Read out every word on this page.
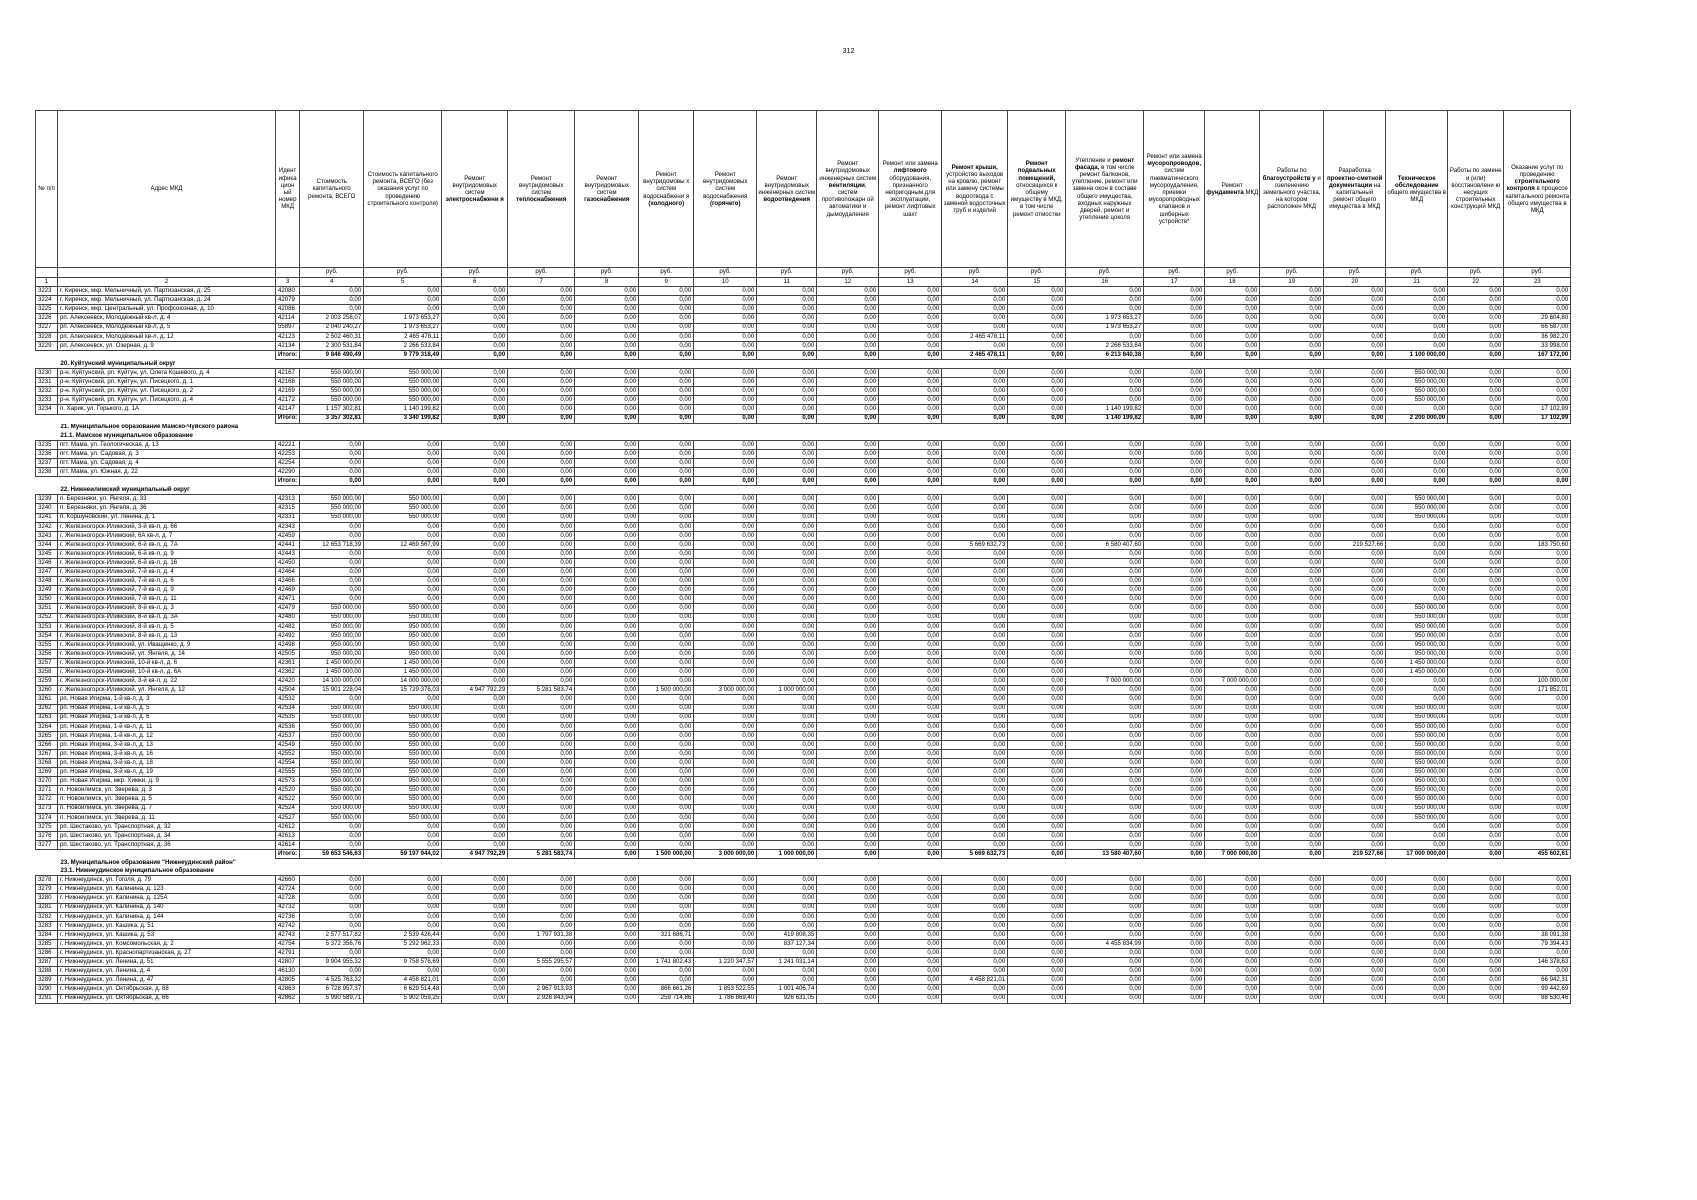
312
№ п/п	Адрес МКД	Идент ифика цион ый номер МКД	Стоимость капитального ремонта, ВСЕГО	Стоимость капитального ремонта, ВСЕГО (без оказания услуг по проведению строительного контроля)	Ремонт внутридомовых систем электроснабжени я	Ремонт внутридомовых систем теплоснабжения	Ремонт внутридомовых систем газоснабжения	Ремонт внутридомовы х систем водоснабжени я (холодного)	Ремонт внутридомовых систем водоснабжения (горячего)	Ремонт внутридомовых инженерных систем водоотведения	Ремонт внутридомовых инженерных систем вентиляции, систем противопожарн ой автоматики и дымоудаления	Ремонт или замена лифтового оборудования, признанного непригодным для эксплуатации, ремонт лифтовых шахт	Ремонт крыши, устройство выходов на кровлю, ремонт или замену системы водоотвода с заменой водосточных труб и изделий	Ремонт подвальных помещений, относящихся к общему имуществу в МКД, в том числе ремонт отмостки	Утепление и ремонт фасада, в том числе ремонт балконов, утепление, ремонт или замена окон в составе общего имущества, входных наружных дверей, ремонт и утепление цоколя	Ремонт или замена мусоропроводов, систем пневматического мусороудаления, приемки мусоропроводных клапанов и шиберных устройств*	Ремонт фундамента МКД	Работы по благоустройств у и озеленению земельного участка, на котором расположен МКД	Разработка проектно-сметной документации на капитальный ремонт общего имущества в МКД	Техническое обследование общего имущества в МКД	Работы по замене и (или) восстановлени ю несущих строительных конструкций МКД	Оказание услуг по проведению строительного контроля в процессе капитального ремонта общего имущества в МКД
			руб.	руб.	руб.	руб.	руб.	руб.	руб.	руб.	руб.	руб.	руб.	руб.	руб.	руб.	руб.	руб.	руб.	руб.	руб.	руб.
1	2	3	4	5	6	7	8	9	10	11	12	13	14	15	16	17	18	19	20	21	22	23
3223	г. Киренск, мкр. Мельничный, ул. Партизанская, д. 25	42080	0,00	0,00	0,00	0,00	0,00	0,00	0,00	0,00	0,00	0,00	0,00	0,00	0,00	0,00	0,00	0,00	0,00	0,00	0,00	0,00
3224	г. Киренск, мкр. Мельничный, ул. Партизанская, д. 24	42079	0,00	0,00	0,00	0,00	0,00	0,00	0,00	0,00	0,00	0,00	0,00	0,00	0,00	0,00	0,00	0,00	0,00	0,00	0,00	0,00
3225	г. Киренск, мкр. Центральный, ул. Профсоюзная, д. 10	42086	0,00	0,00	0,00	0,00	0,00	0,00	0,00	0,00	0,00	0,00	0,00	0,00	0,00	0,00	0,00	0,00	0,00	0,00	0,00	0,00
3226	рп. Алексеевск, Молодёжный кв-л, д. 4	42114	2 003 258,07	1 973 653,27	0,00	0,00	0,00	0,00	0,00	0,00	0,00	0,00	0,00	0,00	1 973 653,27	0,00	0,00	0,00	0,00	0,00	0,00	29 604,80
3227	рп. Алексеевск, Молодёжный кв-л, д. 5	55897	2 040 240,27	1 973 653,27	0,00	0,00	0,00	0,00	0,00	0,00	0,00	0,00	0,00	0,00	1 973 653,27	0,00	0,00	0,00	0,00	0,00	0,00	66 587,00
3228	рп. Алексеевск, Молодёжный кв-л, д. 12	42123	2 502 460,31	2 465 478,11	0,00	0,00	0,00	0,00	0,00	0,00	0,00	0,00	2 465 478,11	0,00	0,00	0,00	0,00	0,00	0,00	0,00	0,00	36 982,20
3229	рп. Алексеевск, ул. Озерная, д. 9	42134	2 300 531,84	2 266 533,84	0,00	0,00	0,00	0,00	0,00	0,00	0,00	0,00	0,00	0,00	2 266 533,84	0,00	0,00	0,00	0,00	0,00	0,00	33 998,00
		Итого:	9 846 490,49	9 779 318,49	0,00	0,00	0,00	0,00	0,00	0,00	0,00	0,00	2 465 478,11	0,00	6 213 840,38	0,00	0,00	0,00	0,00	1 100 000,00	0,00	167 172,00
	20. Куйтунский муниципальный округ																					
3230	р-н. Куйтунский, рп. Куйтун, ул. Олега Кошевого, д. 4	42167	550 000,00	550 000,00	0,00	0,00	0,00	0,00	0,00	0,00	0,00	0,00	0,00	0,00	0,00	0,00	0,00	0,00	0,00	550 000,00	0,00	0,00
3231	р-н. Куйтунский, рп. Куйтун, ул. Писецкого, д. 1	42168	550 000,00	550 000,00	0,00	0,00	0,00	0,00	0,00	0,00	0,00	0,00	0,00	0,00	0,00	0,00	0,00	0,00	0,00	550 000,00	0,00	0,00
3232	р-н. Куйтунский, рп. Куйтун, ул. Писецкого, д. 2	42169	550 000,00	550 000,00	0,00	0,00	0,00	0,00	0,00	0,00	0,00	0,00	0,00	0,00	0,00	0,00	0,00	0,00	0,00	550 000,00	0,00	0,00
3233	р-н. Куйтунский, рп. Куйтун, ул. Писецкого, д. 4	42172	550 000,00	550 000,00	0,00	0,00	0,00	0,00	0,00	0,00	0,00	0,00	0,00	0,00	0,00	0,00	0,00	0,00	0,00	550 000,00	0,00	0,00
3234	п. Харик, ул. Горького, д. 1А	42147	1 157 302,81	1 140 199,82	0,00	0,00	0,00	0,00	0,00	0,00	0,00	0,00	0,00	0,00	1 140 199,82	0,00	0,00	0,00	0,00	0,00	0,00	17 102,99
		Итого:	3 357 302,81	3 340 199,82	0,00	0,00	0,00	0,00	0,00	0,00	0,00	0,00	0,00	0,00	1 140 199,82	0,00	0,00	0,00	0,00	2 200 000,00	0,00	17 102,99
	21. Муниципальное образование Мамско-Чуйского района																					
	21.1. Мамское муниципальное образование																					
3235	пгт. Мама, ул. Геологическая, д. 13	42221	0,00	0,00	0,00	0,00	0,00	0,00	0,00	0,00	0,00	0,00	0,00	0,00	0,00	0,00	0,00	0,00	0,00	0,00	0,00	0,00
3236	пгт. Мама, ул. Садовая, д. 3	42253	0,00	0,00	0,00	0,00	0,00	0,00	0,00	0,00	0,00	0,00	0,00	0,00	0,00	0,00	0,00	0,00	0,00	0,00	0,00	0,00
3237	пгт. Мама, ул. Садовая, д. 4	42254	0,00	0,00	0,00	0,00	0,00	0,00	0,00	0,00	0,00	0,00	0,00	0,00	0,00	0,00	0,00	0,00	0,00	0,00	0,00	0,00
3238	пгт. Мама, ул. Южная, д. 22	42290	0,00	0,00	0,00	0,00	0,00	0,00	0,00	0,00	0,00	0,00	0,00	0,00	0,00	0,00	0,00	0,00	0,00	0,00	0,00	0,00
		Итого:	0,00	0,00	0,00	0,00	0,00	0,00	0,00	0,00	0,00	0,00	0,00	0,00	0,00	0,00	0,00	0,00	0,00	0,00	0,00	0,00
	22. Нижнеилимский муниципальный округ																					
3239	п. Березняки, ул. Янгеля, д. 33	42313	550 000,00	550 000,00	0,00	0,00	0,00	0,00	0,00	0,00	0,00	0,00	0,00	0,00	0,00	0,00	0,00	0,00	0,00	550 000,00	0,00	0,00
3240	п. Березняки, ул. Янгеля, д. 36	42315	550 000,00	550 000,00	0,00	0,00	0,00	0,00	0,00	0,00	0,00	0,00	0,00	0,00	0,00	0,00	0,00	0,00	0,00	550 000,00	0,00	0,00
3241	п. Коршуновский, ул. Ленина, д. 1	42331	550 000,00	550 000,00	0,00	0,00	0,00	0,00	0,00	0,00	0,00	0,00	0,00	0,00	0,00	0,00	0,00	0,00	0,00	550 000,00	0,00	0,00
3242	г. Железногорск-Илимский, 3-й кв-л, д. 66	42343	0,00	0,00	0,00	0,00	0,00	0,00	0,00	0,00	0,00	0,00	0,00	0,00	0,00	0,00	0,00	0,00	0,00	0,00	0,00	0,00
3243	г. Железногорск-Илимский, 6А кв-л, д. 7	42459	0,00	0,00	0,00	0,00	0,00	0,00	0,00	0,00	0,00	0,00	0,00	0,00	0,00	0,00	0,00	0,00	0,00	0,00	0,00	0,00
3244	г. Железногорск-Илимский, 6-й кв-л, д. 7А	42441	12 653 718,39	12 469 567,99	0,00	0,00	0,00	0,00	0,00	0,00	0,00	0,00	5 669 632,73	0,00	6 580 407,60	0,00	0,00	0,00	219 527,66	0,00	0,00	183 750,60
3245	г. Железногорск-Илимский, 6-й кв-л, д. 9	42443	0,00	0,00	0,00	0,00	0,00	0,00	0,00	0,00	0,00	0,00	0,00	0,00	0,00	0,00	0,00	0,00	0,00	0,00	0,00	0,00
3246	г. Железногорск-Илимский, 6-й кв-л, д. 16	42450	0,00	0,00	0,00	0,00	0,00	0,00	0,00	0,00	0,00	0,00	0,00	0,00	0,00	0,00	0,00	0,00	0,00	0,00	0,00	0,00
3247	г. Железногорск-Илимский, 7-й кв-л, д. 4	42464	0,00	0,00	0,00	0,00	0,00	0,00	0,00	0,00	0,00	0,00	0,00	0,00	0,00	0,00	0,00	0,00	0,00	0,00	0,00	0,00
3248	г. Железногорск-Илимский, 7-й кв-л, д. 6	42466	0,00	0,00	0,00	0,00	0,00	0,00	0,00	0,00	0,00	0,00	0,00	0,00	0,00	0,00	0,00	0,00	0,00	0,00	0,00	0,00
3249	г. Железногорск-Илимский, 7-й кв-л, д. 9	42469	0,00	0,00	0,00	0,00	0,00	0,00	0,00	0,00	0,00	0,00	0,00	0,00	0,00	0,00	0,00	0,00	0,00	0,00	0,00	0,00
3250	г. Железногорск-Илимский, 7-й кв-л, д. 11	42471	0,00	0,00	0,00	0,00	0,00	0,00	0,00	0,00	0,00	0,00	0,00	0,00	0,00	0,00	0,00	0,00	0,00	0,00	0,00	0,00
3251	г. Железногорск-Илимский, 8-й кв-л, д. 3	42479	550 000,00	550 000,00	0,00	0,00	0,00	0,00	0,00	0,00	0,00	0,00	0,00	0,00	0,00	0,00	0,00	0,00	0,00	550 000,00	0,00	0,00
3252	г. Железногорск-Илимский, 8-й кв-л, д. 3А	42480	550 000,00	550 000,00	0,00	0,00	0,00	0,00	0,00	0,00	0,00	0,00	0,00	0,00	0,00	0,00	0,00	0,00	0,00	550 000,00	0,00	0,00
3253	г. Железногорск-Илимский, 8-й кв-л, д. 5	42482	950 000,00	950 000,00	0,00	0,00	0,00	0,00	0,00	0,00	0,00	0,00	0,00	0,00	0,00	0,00	0,00	0,00	0,00	950 000,00	0,00	0,00
3254	г. Железногорск-Илимский, 8-й кв-л, д. 13	42492	950 000,00	950 000,00	0,00	0,00	0,00	0,00	0,00	0,00	0,00	0,00	0,00	0,00	0,00	0,00	0,00	0,00	0,00	950 000,00	0,00	0,00
3255	г. Железногорск-Илимский, ул. Иващенко, д. 9	42498	950 000,00	950 000,00	0,00	0,00	0,00	0,00	0,00	0,00	0,00	0,00	0,00	0,00	0,00	0,00	0,00	0,00	0,00	950 000,00	0,00	0,00
3256	г. Железногорск-Илимский, ул. Янгеля, д. 14	42505	950 000,00	950 000,00	0,00	0,00	0,00	0,00	0,00	0,00	0,00	0,00	0,00	0,00	0,00	0,00	0,00	0,00	0,00	950 000,00	0,00	0,00
3257	г. Железногорск-Илимский, 10-й кв-л, д. 6	42361	1 450 000,00	1 450 000,00	0,00	0,00	0,00	0,00	0,00	0,00	0,00	0,00	0,00	0,00	0,00	0,00	0,00	0,00	0,00	1 450 000,00	0,00	0,00
3258	г. Железногорск-Илимский, 10-й кв-л, д. 6А	42362	1 450 000,00	1 450 000,00	0,00	0,00	0,00	0,00	0,00	0,00	0,00	0,00	0,00	0,00	0,00	0,00	0,00	0,00	0,00	1 450 000,00	0,00	0,00
3259	г. Железногорск-Илимский, 3-й кв-л, д. 22	42420	14 100 000,00	14 000 000,00	0,00	0,00	0,00	0,00	0,00	0,00	0,00	0,00	0,00	0,00	7 000 000,00	0,00	7 000 000,00	0,00	0,00	0,00	0,00	100 000,00
3260	г. Железногорск-Илимский, ул. Янгеля, д. 12	42504	15 901 228,04	15 729 376,03	4 947 792,29	5 281 583,74	0,00	1 500 000,00	3 000 000,00	1 000 000,00	0,00	0,00	0,00	0,00	0,00	0,00	0,00	0,00	0,00	0,00	0,00	171 852,01
3261	рп. Новая Игирма, 1-й кв-л, д. 3	42532	0,00	0,00	0,00	0,00	0,00	0,00	0,00	0,00	0,00	0,00	0,00	0,00	0,00	0,00	0,00	0,00	0,00	0,00	0,00	0,00
3262	рп. Новая Игирма, 1-й кв-л, д. 5	42534	550 000,00	550 000,00	0,00	0,00	0,00	0,00	0,00	0,00	0,00	0,00	0,00	0,00	0,00	0,00	0,00	0,00	0,00	550 000,00	0,00	0,00
3263	рп. Новая Игирма, 1-й кв-л, д. 6	42535	550 000,00	550 000,00	0,00	0,00	0,00	0,00	0,00	0,00	0,00	0,00	0,00	0,00	0,00	0,00	0,00	0,00	0,00	550 000,00	0,00	0,00
3264	рп. Новая Игирма, 1-й кв-л, д. 11	42536	550 000,00	550 000,00	0,00	0,00	0,00	0,00	0,00	0,00	0,00	0,00	0,00	0,00	0,00	0,00	0,00	0,00	0,00	550 000,00	0,00	0,00
3265	рп. Новая Игирма, 1-й кв-л, д. 12	42537	550 000,00	550 000,00	0,00	0,00	0,00	0,00	0,00	0,00	0,00	0,00	0,00	0,00	0,00	0,00	0,00	0,00	0,00	550 000,00	0,00	0,00
3266	рп. Новая Игирма, 3-й кв-л, д. 13	42549	550 000,00	550 000,00	0,00	0,00	0,00	0,00	0,00	0,00	0,00	0,00	0,00	0,00	0,00	0,00	0,00	0,00	0,00	550 000,00	0,00	0,00
3267	рп. Новая Игирма, 3-й кв-л, д. 16	42552	550 000,00	550 000,00	0,00	0,00	0,00	0,00	0,00	0,00	0,00	0,00	0,00	0,00	0,00	0,00	0,00	0,00	0,00	550 000,00	0,00	0,00
3268	рп. Новая Игирма, 3-й кв-л, д. 18	42554	550 000,00	550 000,00	0,00	0,00	0,00	0,00	0,00	0,00	0,00	0,00	0,00	0,00	0,00	0,00	0,00	0,00	0,00	550 000,00	0,00	0,00
3269	рп. Новая Игирма, 3-й кв-л, д. 19	42555	550 000,00	550 000,00	0,00	0,00	0,00	0,00	0,00	0,00	0,00	0,00	0,00	0,00	0,00	0,00	0,00	0,00	0,00	550 000,00	0,00	0,00
3270	рп. Новая Игирма, мкр. Химки, д. 9	42573	950 000,00	950 000,00	0,00	0,00	0,00	0,00	0,00	0,00	0,00	0,00	0,00	0,00	0,00	0,00	0,00	0,00	0,00	950 000,00	0,00	0,00
3271	п. Новоилимск, ул. Зверева, д. 3	42520	550 000,00	550 000,00	0,00	0,00	0,00	0,00	0,00	0,00	0,00	0,00	0,00	0,00	0,00	0,00	0,00	0,00	0,00	550 000,00	0,00	0,00
3272	п. Новоилимск, ул. Зверева, д. 5	42522	550 000,00	550 000,00	0,00	0,00	0,00	0,00	0,00	0,00	0,00	0,00	0,00	0,00	0,00	0,00	0,00	0,00	0,00	550 000,00	0,00	0,00
3273	п. Новоилимск, ул. Зверева, д. 7	42524	550 000,00	550 000,00	0,00	0,00	0,00	0,00	0,00	0,00	0,00	0,00	0,00	0,00	0,00	0,00	0,00	0,00	0,00	550 000,00	0,00	0,00
3274	п. Новоилимск, ул. Зверева, д. 11	42527	550 000,00	550 000,00	0,00	0,00	0,00	0,00	0,00	0,00	0,00	0,00	0,00	0,00	0,00	0,00	0,00	0,00	0,00	550 000,00	0,00	0,00
3275	рп. Шестаково, ул. Транспортная, д. 32	42612	0,00	0,00	0,00	0,00	0,00	0,00	0,00	0,00	0,00	0,00	0,00	0,00	0,00	0,00	0,00	0,00	0,00	0,00	0,00	0,00
3276	рп. Шестаково, ул. Транспортная, д. 34	42613	0,00	0,00	0,00	0,00	0,00	0,00	0,00	0,00	0,00	0,00	0,00	0,00	0,00	0,00	0,00	0,00	0,00	0,00	0,00	0,00
3277	рп. Шестаково, ул. Транспортная, д. 36	42614	0,00	0,00	0,00	0,00	0,00	0,00	0,00	0,00	0,00	0,00	0,00	0,00	0,00	0,00	0,00	0,00	0,00	0,00	0,00	0,00
		Итого:	59 653 546,63	59 197 944,02	4 947 792,29	5 281 583,74	0,00	1 500 000,00	3 000 000,00	1 000 000,00	0,00	0,00	5 669 632,73	0,00	13 580 407,60	0,00	7 000 000,00	0,00	219 527,66	17 000 000,00	0,00	455 602,61
	23. Муниципальное образование "Нижнеудинский район"																					
	23.1. Нижнеудинское муниципальное образование																					
3278	г. Нижнеудинск, ул. Гоголя, д. 79	42660	0,00	0,00	0,00	0,00	0,00	0,00	0,00	0,00	0,00	0,00	0,00	0,00	0,00	0,00	0,00	0,00	0,00	0,00	0,00	0,00
3279	г. Нижнеудинск, ул. Калинина, д. 123	42724	0,00	0,00	0,00	0,00	0,00	0,00	0,00	0,00	0,00	0,00	0,00	0,00	0,00	0,00	0,00	0,00	0,00	0,00	0,00	0,00
3280	г. Нижнеудинск, ул. Калинина, д. 125А	42728	0,00	0,00	0,00	0,00	0,00	0,00	0,00	0,00	0,00	0,00	0,00	0,00	0,00	0,00	0,00	0,00	0,00	0,00	0,00	0,00
3281	г. Нижнеудинск, ул. Калинина, д. 140	42732	0,00	0,00	0,00	0,00	0,00	0,00	0,00	0,00	0,00	0,00	0,00	0,00	0,00	0,00	0,00	0,00	0,00	0,00	0,00	0,00
3282	г. Нижнеудинск, ул. Калинина, д. 144	42736	0,00	0,00	0,00	0,00	0,00	0,00	0,00	0,00	0,00	0,00	0,00	0,00	0,00	0,00	0,00	0,00	0,00	0,00	0,00	0,00
3283	г. Нижнеудинск, ул. Кашика, д. 51	42742	0,00	0,00	0,00	0,00	0,00	0,00	0,00	0,00	0,00	0,00	0,00	0,00	0,00	0,00	0,00	0,00	0,00	0,00	0,00	0,00
3284	г. Нижнеудинск, ул. Кашика, д. 53	42743	2 577 517,82	2 539 426,44	0,00	1 797 931,38	0,00	321 686,71	0,00	419 808,35	0,00	0,00	0,00	0,00	0,00	0,00	0,00	0,00	0,00	0,00	0,00	38 091,38
3285	г. Нижнеудинск, ул. Комсомольская, д. 2	42754	5 372 356,76	5 292 962,33	0,00	0,00	0,00	0,00	0,00	837 127,34	0,00	0,00	0,00	0,00	4 455 834,99	0,00	0,00	0,00	0,00	0,00	0,00	79 394,43
3286	г. Нижнеудинск, ул. Краснопартизанская, д. 27	42791	0,00	0,00	0,00	0,00	0,00	0,00	0,00	0,00	0,00	0,00	0,00	0,00	0,00	0,00	0,00	0,00	0,00	0,00	0,00	0,00
3287	г. Нижнеудинск, ул. Ленина, д. 51	42807	9 904 955,32	9 758 576,69	0,00	5 555 295,57	0,00	1 741 802,43	1 220 347,57	1 241 031,14	0,00	0,00	0,00	0,00	0,00	0,00	0,00	0,00	0,00	0,00	0,00	146 378,63
3288	г. Нижнеудинск, ул. Ленина, д. 4	46130	0,00	0,00	0,00	0,00	0,00	0,00	0,00	0,00	0,00	0,00	0,00	0,00	0,00	0,00	0,00	0,00	0,00	0,00	0,00	0,00
3289	г. Нижнеудинск, ул. Ленина, д. 47	42805	4 525 763,32	4 458 821,01	0,00	0,00	0,00	0,00	0,00	0,00	0,00	0,00	4 458 821,01	0,00	0,00	0,00	0,00	0,00	0,00	0,00	0,00	66 942,31
3290	г. Нижнеудинск, ул. Октябрьская, д. 68	42863	6 728 957,37	6 629 514,48	0,00	2 967 913,93	0,00	866 661,26	1 853 522,55	1 001 406,74	0,00	0,00	0,00	0,00	0,00	0,00	0,00	0,00	0,00	0,00	0,00	99 442,69
3291	г. Нижнеудинск, ул. Октябрьская, д. 66	42862	5 990 589,71	5 902 059,25	0,00	2 928 843,94	0,00	259 714,86	1 786 869,40	926 631,05	0,00	0,00	0,00	0,00	0,00	0,00	0,00	0,00	0,00	0,00	0,00	88 530,46
